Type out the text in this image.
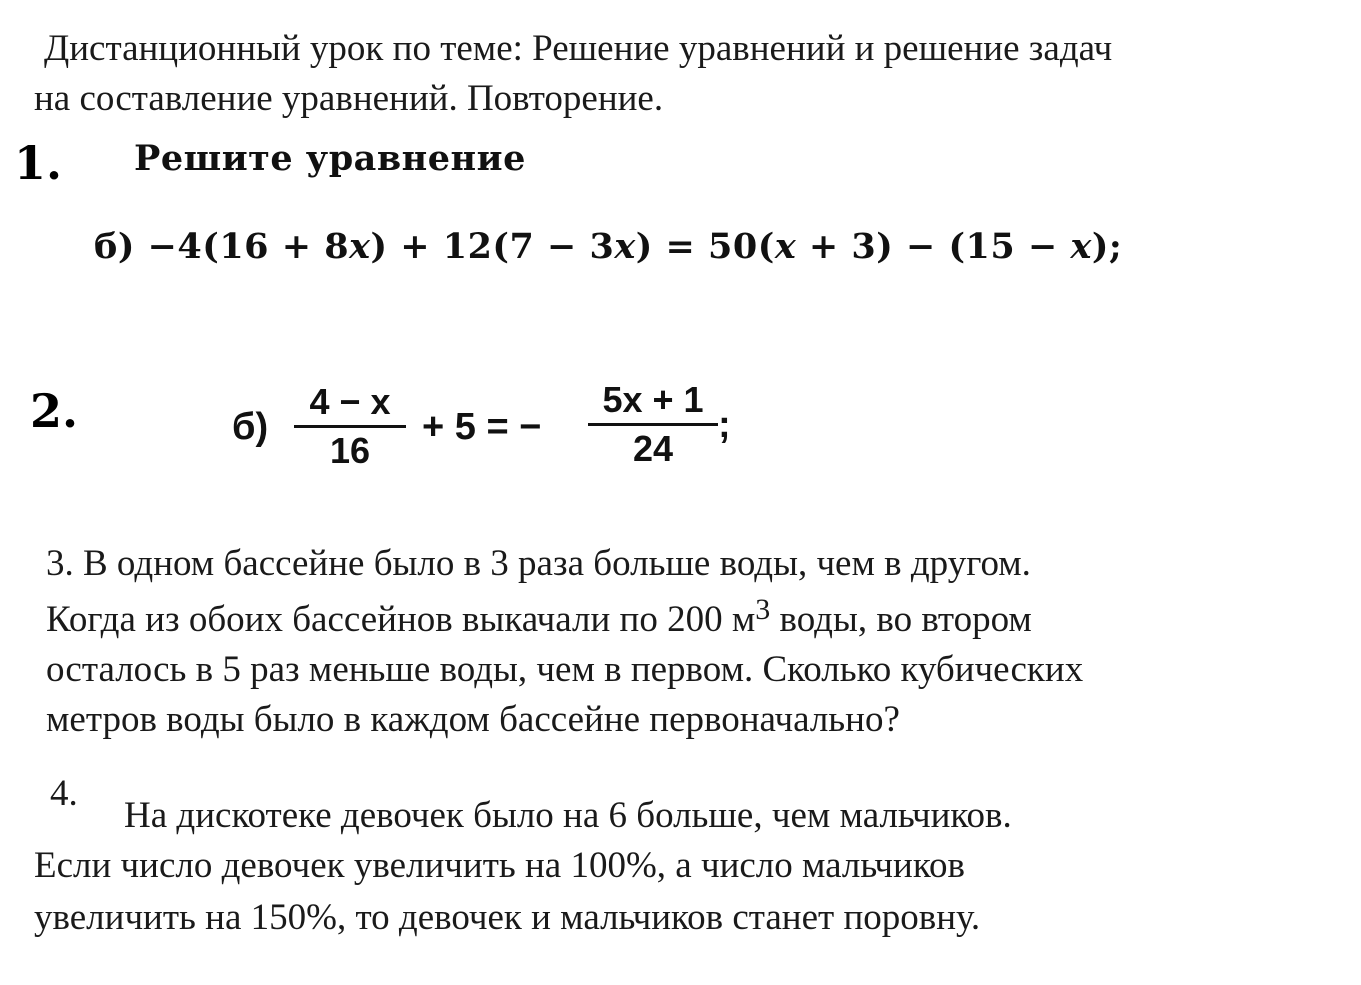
Дистанционный урок по теме: Решение уравнений и решение задач
на составление уравнений. Повторение.
1. Решите уравнение
б) −4(16 + 8x) + 12(7 − 3x) = 50(x + 3) − (15 − x);
2.	б)
4 − x
16
+ 5 = −
5x + 1
24
;
3. В одном бассейне было в 3 раза больше воды, чем в другом.
Когда из обоих бассейнов выкачали по 200 $м^3$ воды, во втором
осталось в 5 раз меньше воды, чем в первом. Сколько кубических
метров воды было в каждом бассейне первоначально?
4.
На дискотеке девочек было на 6 больше, чем мальчиков.
Если число девочек увеличить на 100%, а число мальчиков
увеличить на 150%, то девочек и мальчиков станет поровну.
